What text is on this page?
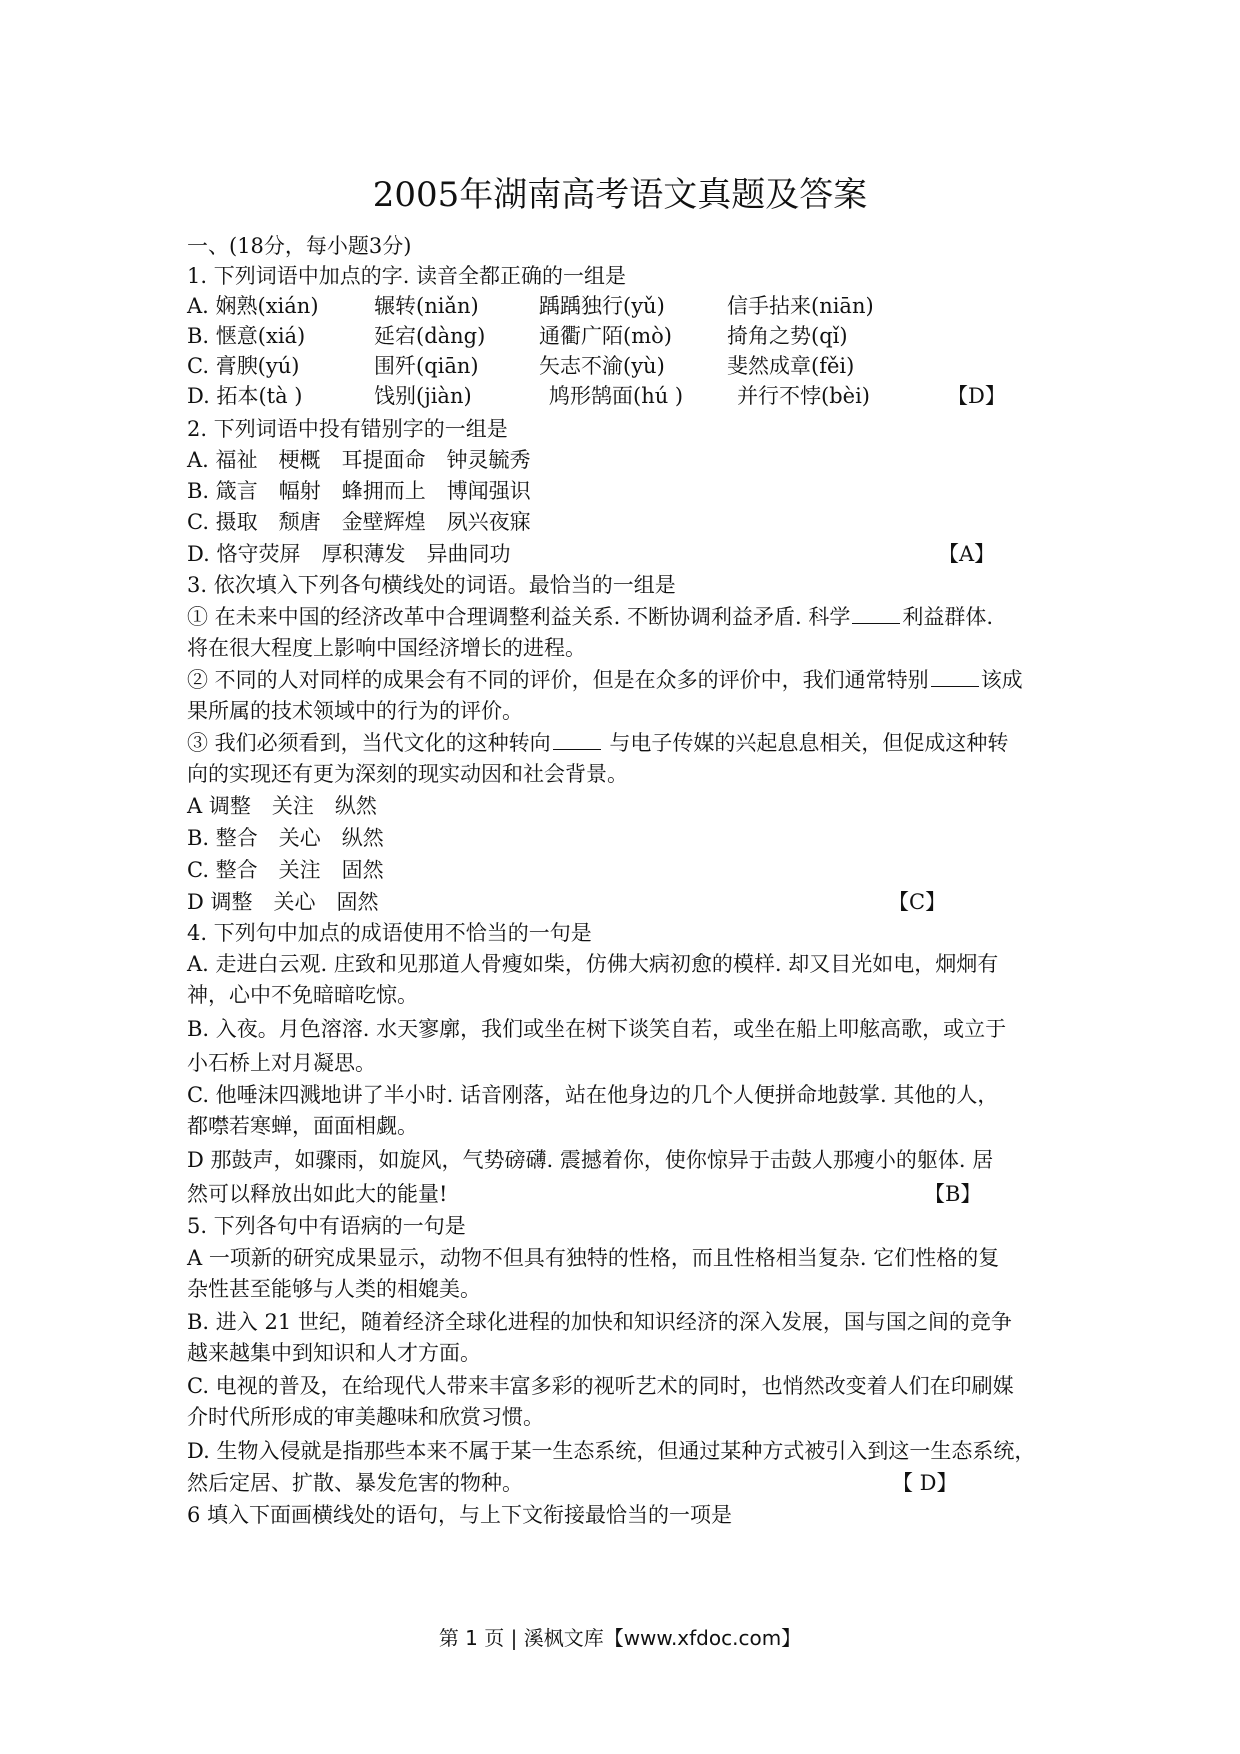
2005年湖南高考语文真题及答案
一、(18分，每小题3分)
1. 下列词语中加点的字. 读音全都正确的一组是
A. 娴熟(xián)	辗转(niǎn)	踽踽独行(yǔ)	信手拈来(niān)
B. 惬意(xiá)	延宕(dàng)	通衢广陌(mò)	掎角之势(qǐ)
C. 膏腴(yú)	围歼(qiān)	矢志不渝(yù)	斐然成章(fěi)
D. 拓本(tà )	饯别(jiàn)	鸠形鹄面(hú )	并行不悖(bèi)	【D】
2. 下列词语中投有错别字的一组是
A. 福祉　梗概　耳提面命　钟灵毓秀
B. 箴言　幅射　蜂拥而上　博闻强识
C. 摄取　颓唐　金壁辉煌　夙兴夜寐
D. 恪守荧屏　厚积薄发　异曲同功	【A】
3. 依次填入下列各句横线处的词语。最恰当的一组是
① 在未来中国的经济改革中合理调整利益关系. 不断协调利益矛盾. 科学 利益群体.
将在很大程度上影响中国经济增长的进程。
② 不同的人对同样的成果会有不同的评价，但是在众多的评价中，我们通常特别 该成
果所属的技术领域中的行为的评价。
③ 我们必须看到，当代文化的这种转向	与电子传媒的兴起息息相关，但促成这种转
向的实现还有更为深刻的现实动因和社会背景。
A 调整　关注　纵然
B. 整合　关心　纵然
C. 整合　关注　固然
D 调整　关心　固然	【C】
4. 下列句中加点的成语使用不恰当的一句是
A. 走进白云观. 庄致和见那道人骨瘦如柴，仿佛大病初愈的模样. 却又目光如电，炯炯有
神，心中不免暗暗吃惊。
B. 入夜。月色溶溶. 水天寥廓，我们或坐在树下谈笑自若，或坐在船上叩舷高歌，或立于
小石桥上对月凝思。
C. 他唾沫四溅地讲了半小时. 话音刚落，站在他身边的几个人便拼命地鼓掌. 其他的人，
都噤若寒蝉，面面相觑。
D 那鼓声，如骤雨，如旋风，气势磅礴. 震撼着你，使你惊异于击鼓人那瘦小的躯体. 居
然可以释放出如此大的能量!	【B】
5. 下列各句中有语病的一句是
A 一项新的研究成果显示，动物不但具有独特的性格，而且性格相当复杂. 它们性格的复
杂性甚至能够与人类的相媲美。
B. 进入 21 世纪，随着经济全球化进程的加快和知识经济的深入发展，国与国之间的竞争
越来越集中到知识和人才方面。
C. 电视的普及，在给现代人带来丰富多彩的视听艺术的同时，也悄然改变着人们在印刷媒
介时代所形成的审美趣味和欣赏习惯。
D. 生物入侵就是指那些本来不属于某一生态系统，但通过某种方式被引入到这一生态系统，
然后定居、扩散、暴发危害的物种。	【 D】
6 填入下面画横线处的语句，与上下文衔接最恰当的一项是
第 1 页 | 溪枫文库【www.xfdoc.com】
